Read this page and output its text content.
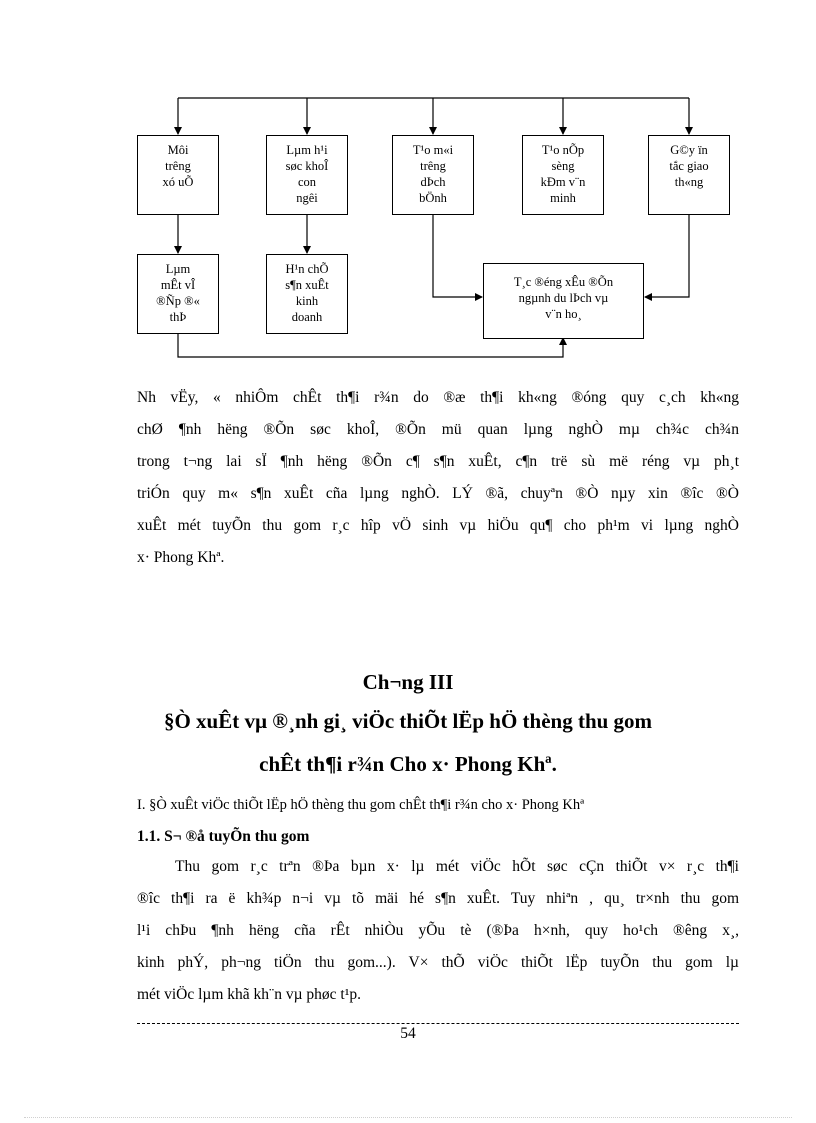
Môi
trêng
xó uÕ
Lµm h¹i
søc khoÎ
con
ngêi
T¹o m«i
trêng
dÞch
bÖnh
T¹o nÕp
sèng
kÐm v¨n
minh
G©y ïn
tắc giao
th«ng
Lµm
mÊt vÎ
®Ñp ®«
thÞ
H¹n chÕ
s¶n xuÊt
kinh
doanh
T¸c ®éng xÊu ®Õn
ngµnh du lÞch vµ
v¨n ho¸
Nh vËy, « nhiÔm chÊt th¶i r¾n do ®æ th¶i kh«ng ®óng quy c¸ch kh«ng
chØ ¶nh hëng ®Õn søc khoÎ, ®Õn mü quan lµng nghÒ mµ ch¾c ch¾n
trong t¬ng lai sÏ ¶nh hëng ®Õn c¶ s¶n xuÊt, c¶n trë sù më réng vµ ph¸t
triÓn quy m« s¶n xuÊt cña lµng nghÒ. LÝ ®ã, chuyªn ®Ò nµy xin ®îc ®Ò
xuÊt mét tuyÕn thu gom r¸c hîp vÖ sinh vµ hiÖu qu¶ cho ph¹m vi lµng nghÒ
x· Phong Khª.
Ch¬ng III
§Ò xuÊt vµ ®¸nh gi¸ viÖc thiÕt lËp hÖ thèng thu gom
chÊt th¶i r¾n Cho x· Phong Khª.
I. §Ò xuÊt viÖc thiÕt lËp hÖ thèng thu gom chÊt th¶i r¾n cho x· Phong Khª
1.1. S¬ ®å tuyÕn thu gom
Thu gom r¸c trªn ®Þa bµn x· lµ mét viÖc hÕt søc cÇn thiÕt v× r¸c th¶i
®îc th¶i ra ë kh¾p n¬i vµ tõ mäi hé s¶n xuÊt. Tuy nhiªn , qu¸ tr×nh thu gom
l¹i chÞu ¶nh hëng cña rÊt nhiÒu yÕu tè (®Þa h×nh, quy ho¹ch ®êng x¸,
kinh phÝ, ph¬ng tiÖn thu gom...). V× thÕ viÖc thiÕt lËp tuyÕn thu gom lµ
mét viÖc lµm khã kh¨n vµ phøc t¹p.
54
